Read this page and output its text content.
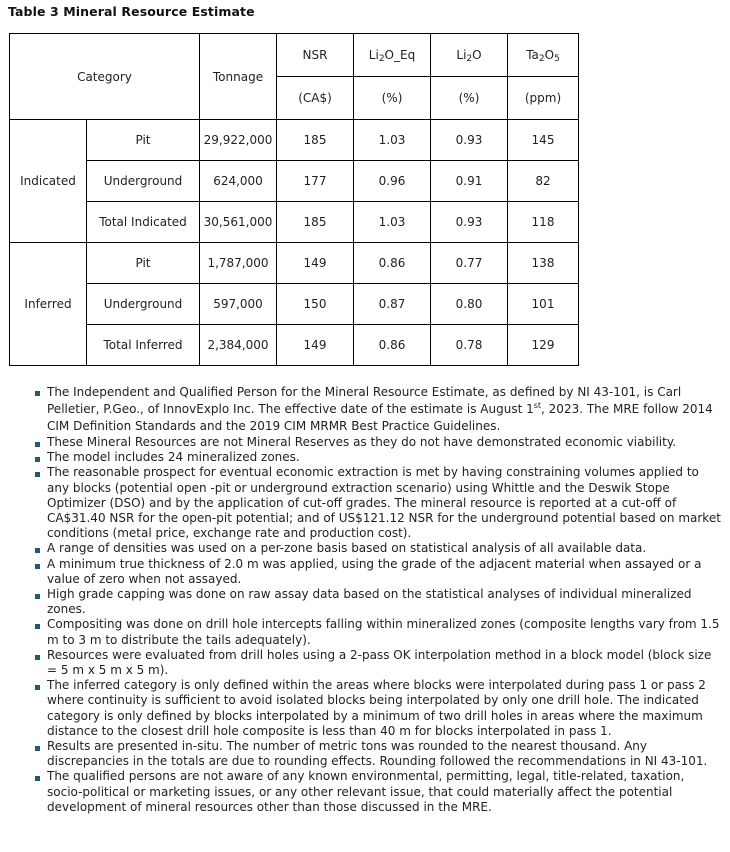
Table 3 Mineral Resource Estimate
Category		Tonnage	NSR	$Li_2O\_Eq$	$Li_2O$	$Ta_2O_5$
			(CA$)	(%)	(%)	(ppm)
Indicated	Pit	29,922,000	185	1.03	0.93	145
	Underground	624,000	177	0.96	0.91	82
	Total Indicated	30,561,000	185	1.03	0.93	118
Inferred	Pit	1,787,000	149	0.86	0.77	138
	Underground	597,000	150	0.87	0.80	101
	Total Inferred	2,384,000	149	0.86	0.78	129
The Independent and Qualified Person for the Mineral Resource Estimate, as defined by NI 43-101, is Carl Pelletier, P.Geo., of InnovExplo Inc. The effective date of the estimate is August 1st, 2023. The MRE follow 2014 CIM Definition Standards and the 2019 CIM MRMR Best Practice Guidelines.
These Mineral Resources are not Mineral Reserves as they do not have demonstrated economic viability.
The model includes 24 mineralized zones.
The reasonable prospect for eventual economic extraction is met by having constraining volumes applied to any blocks (potential open -pit or underground extraction scenario) using Whittle and the Deswik Stope Optimizer (DSO) and by the application of cut-off grades. The mineral resource is reported at a cut-off of CA$31.40 NSR for the open-pit potential; and of US$121.12 NSR for the underground potential based on market conditions (metal price, exchange rate and production cost).
A range of densities was used on a per-zone basis based on statistical analysis of all available data.
A minimum true thickness of 2.0 m was applied, using the grade of the adjacent material when assayed or a value of zero when not assayed.
High grade capping was done on raw assay data based on the statistical analyses of individual mineralized zones.
Compositing was done on drill hole intercepts falling within mineralized zones (composite lengths vary from 1.5 m to 3 m to distribute the tails adequately).
Resources were evaluated from drill holes using a 2-pass OK interpolation method in a block model (block size = 5 m x 5 m x 5 m).
The inferred category is only defined within the areas where blocks were interpolated during pass 1 or pass 2 where continuity is sufficient to avoid isolated blocks being interpolated by only one drill hole. The indicated category is only defined by blocks interpolated by a minimum of two drill holes in areas where the maximum distance to the closest drill hole composite is less than 40 m for blocks interpolated in pass 1.
Results are presented in-situ. The number of metric tons was rounded to the nearest thousand. Any discrepancies in the totals are due to rounding effects. Rounding followed the recommendations in NI 43-101.
The qualified persons are not aware of any known environmental, permitting, legal, title-related, taxation, socio-political or marketing issues, or any other relevant issue, that could materially affect the potential development of mineral resources other than those discussed in the MRE.
